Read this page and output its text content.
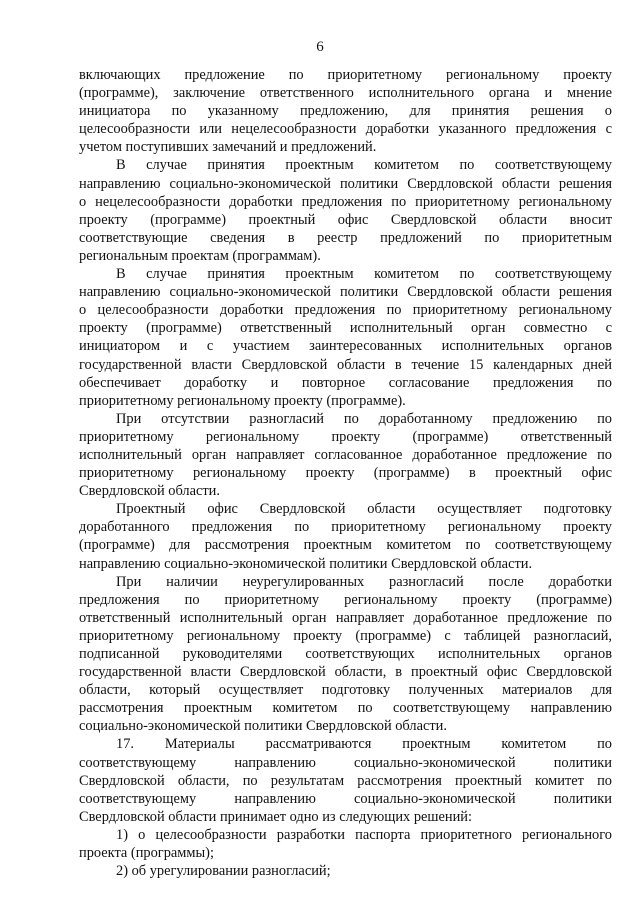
6
включающих предложение по приоритетному региональному проекту
(программе), заключение ответственного исполнительного органа и мнение
инициатора по указанному предложению, для принятия решения о
целесообразности или нецелесообразности доработки указанного предложения с
учетом поступивших замечаний и предложений.
В случае принятия проектным комитетом по соответствующему
направлению социально-экономической политики Свердловской области решения
о нецелесообразности доработки предложения по приоритетному региональному
проекту (программе) проектный офис Свердловской области вносит
соответствующие сведения в реестр предложений по приоритетным
региональным проектам (программам).
В случае принятия проектным комитетом по соответствующему
направлению социально-экономической политики Свердловской области решения
о целесообразности доработки предложения по приоритетному региональному
проекту (программе) ответственный исполнительный орган совместно с
инициатором и с участием заинтересованных исполнительных органов
государственной власти Свердловской области в течение 15 календарных дней
обеспечивает доработку и повторное согласование предложения по
приоритетному региональному проекту (программе).
При отсутствии разногласий по доработанному предложению по
приоритетному региональному проекту (программе) ответственный
исполнительный орган направляет согласованное доработанное предложение по
приоритетному региональному проекту (программе) в проектный офис
Свердловской области.
Проектный офис Свердловской области осуществляет подготовку
доработанного предложения по приоритетному региональному проекту
(программе) для рассмотрения проектным комитетом по соответствующему
направлению социально-экономической политики Свердловской области.
При наличии неурегулированных разногласий после доработки
предложения по приоритетному региональному проекту (программе)
ответственный исполнительный орган направляет доработанное предложение по
приоритетному региональному проекту (программе) с таблицей разногласий,
подписанной руководителями соответствующих исполнительных органов
государственной власти Свердловской области, в проектный офис Свердловской
области, который осуществляет подготовку полученных материалов для
рассмотрения проектным комитетом по соответствующему направлению
социально-экономической политики Свердловской области.
17. Материалы рассматриваются проектным комитетом по
соответствующему направлению социально-экономической политики
Свердловской области, по результатам рассмотрения проектный комитет по
соответствующему направлению социально-экономической политики
Свердловской области принимает одно из следующих решений:
1) о целесообразности разработки паспорта приоритетного регионального
проекта (программы);
2) об урегулировании разногласий;
